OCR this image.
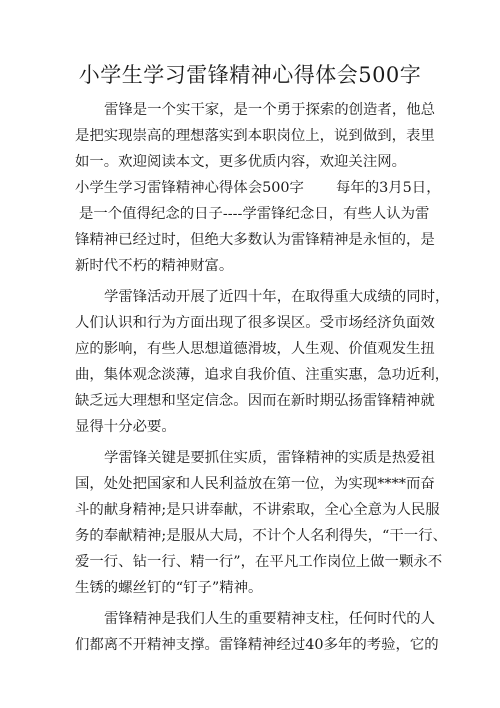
小学生学习雷锋精神心得体会500字

雷锋是一个实干家，是一个勇于探索的创造者，他总

是把实现崇高的理想落实到本职岗位上，说到做到，表里

如一。欢迎阅读本文，更多优质内容，欢迎关注网。

小学生学习雷锋精神心得体会500字 每年的3月5日，

是一个值得纪念的日子----学雷锋纪念日，有些人认为雷

锋精神已经过时，但绝大多数认为雷锋精神是永恒的，是

新时代不朽的精神财富。

学雷锋活动开展了近四十年，在取得重大成绩的同时，

人们认识和行为方面出现了很多误区。受市场经济负面效

应的影响，有些人思想道德滑坡，人生观、价值观发生扭

曲，集体观念淡薄，追求自我价值、注重实惠，急功近利，

缺乏远大理想和坚定信念。因而在新时期弘扬雷锋精神就

显得十分必要。

学雷锋关键是要抓住实质，雷锋精神的实质是热爱祖

国，处处把国家和人民利益放在第一位，为实现****而奋

斗的献身精神;是只讲奉献，不讲索取，全心全意为人民服

务的奉献精神;是服从大局，不计个人名利得失，“干一行、

爱一行、钻一行、精一行”，在平凡工作岗位上做一颗永不

生锈的螺丝钉的“钉子”精神。

雷锋精神是我们人生的重要精神支柱，任何时代的人

们都离不开精神支撑。雷锋精神经过40多年的考验，它的
